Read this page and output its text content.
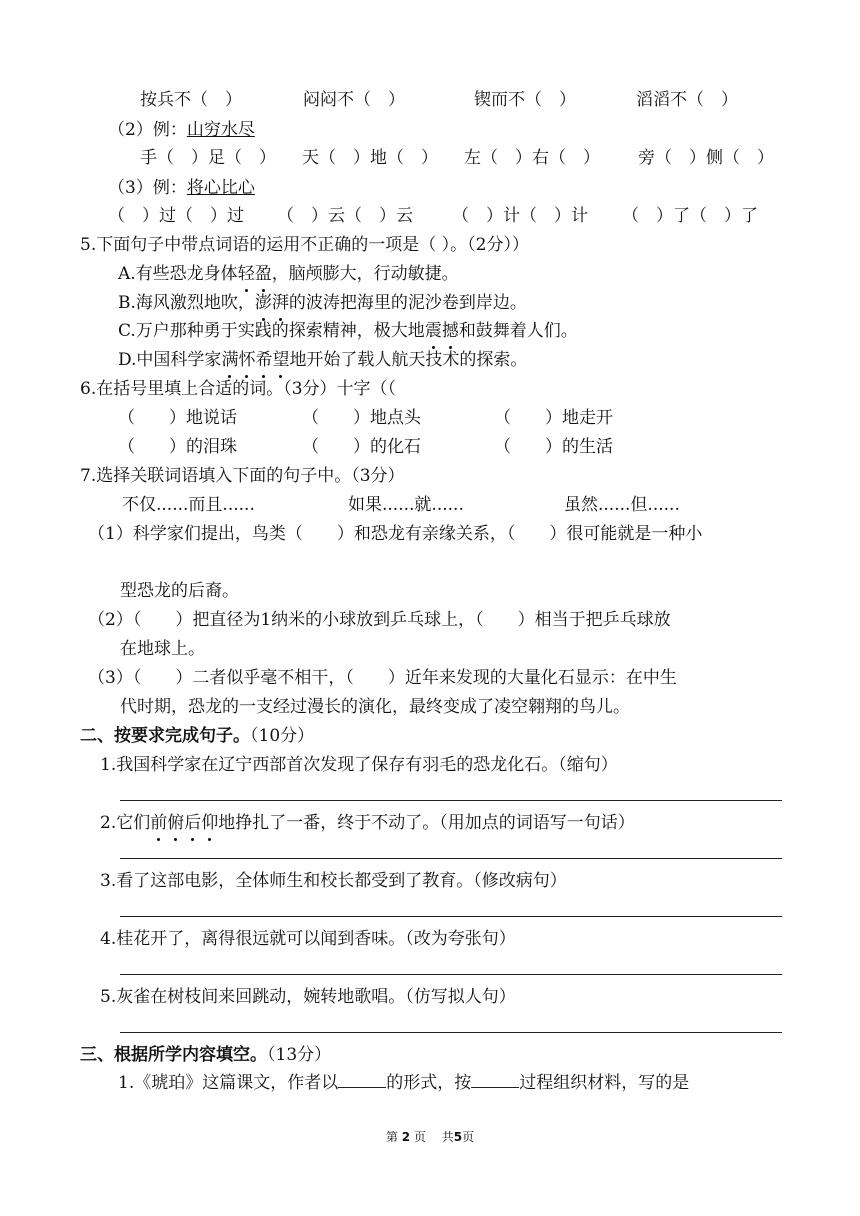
按兵不（　）	闷闷不（　）	锲而不（　）	滔滔不（　）
（2）例：山穷水尽
手（　）足（　） 天（　）地（　） 左（　）右（　） 旁（　）侧（　）
（3）例：将心比心
（　）过（　）过 （　）云（　）云 （　）计（　）计 （　）了（　）了
5.下面句子中带点词语的运用不正确的一项是（ ）。（2分））
A.有些恐龙身体轻盈，脑颅膨大，行动敏捷。
B.海风激烈地吹，澎湃的波涛把海里的泥沙卷到岸边。
C.万户那种勇于实践的探索精神，极大地震撼和鼓舞着人们。
D.中国科学家满怀希望地开始了载人航天技术的探索。
6.在括号里填上合适的词。（3分）十字（（
（　　）地说话	（　　）地点头	（　　）地走开
（　　）的泪珠	（　　）的化石	（　　）的生活
7.选择关联词语填入下面的句子中。（3分）
不仅......而且......	如果......就......	虽然......但......
（1）科学家们提出，鸟类（　　）和恐龙有亲缘关系，（　　）很可能就是一种小
型恐龙的后裔。
（2）（　　）把直径为1纳米的小球放到乒乓球上，（　　）相当于把乒乓球放
在地球上。
（3）（　　）二者似乎毫不相干，（　　）近年来发现的大量化石显示：在中生
代时期，恐龙的一支经过漫长的演化，最终变成了凌空翱翔的鸟儿。
二、按要求完成句子。（10分）
1.我国科学家在辽宁西部首次发现了保存有羽毛的恐龙化石。（缩句）
2.它们前俯后仰地挣扎了一番，终于不动了。（用加点的词语写一句话）
3.看了这部电影，全体师生和校长都受到了教育。（修改病句）
4.桂花开了，离得很远就可以闻到香味。（改为夸张句）
5.灰雀在树枝间来回跳动，婉转地歌唱。（仿写拟人句）
三、根据所学内容填空。（13分）
1.《琥珀》这篇课文，作者以	的形式，按	过程组织材料，写的是
第 2 页　 共5页
